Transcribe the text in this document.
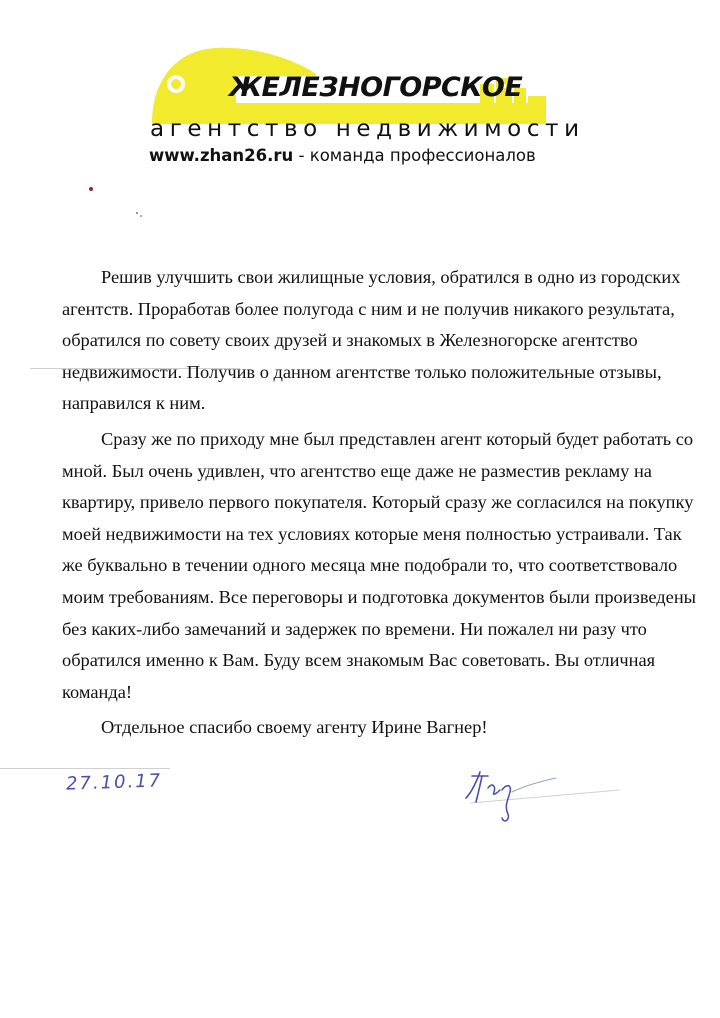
ЖЕЛЕЗНОГОРСКОЕ
агентство недвижимости
www.zhan26.ru - команда профессионалов

Решив улучшить свои жилищные условия, обратился в одно из городских агентств. Проработав более полугода с ним и не получив никакого результата, обратился по совету своих друзей и знакомых в Железногорске агентство недвижимости. Получив о данном агентстве только положительные отзывы, направился к ним.

Сразу же по приходу мне был представлен агент который будет работать со мной. Был очень удивлен, что агентство еще даже не разместив рекламу на квартиру, привело первого покупателя. Который сразу же согласился на покупку моей недвижимости на тех условиях которые меня полностью устраивали. Так же буквально в течении одного месяца мне подобрали то, что соответствовало моим требованиям. Все переговоры и подготовка документов были произведены без каких-либо замечаний и задержек по времени. Ни пожалел ни разу что обратился именно к Вам. Буду всем знакомым Вас советовать. Вы отличная команда!

Отдельное спасибо своему агенту Ирине Вагнер!

27.10.17
